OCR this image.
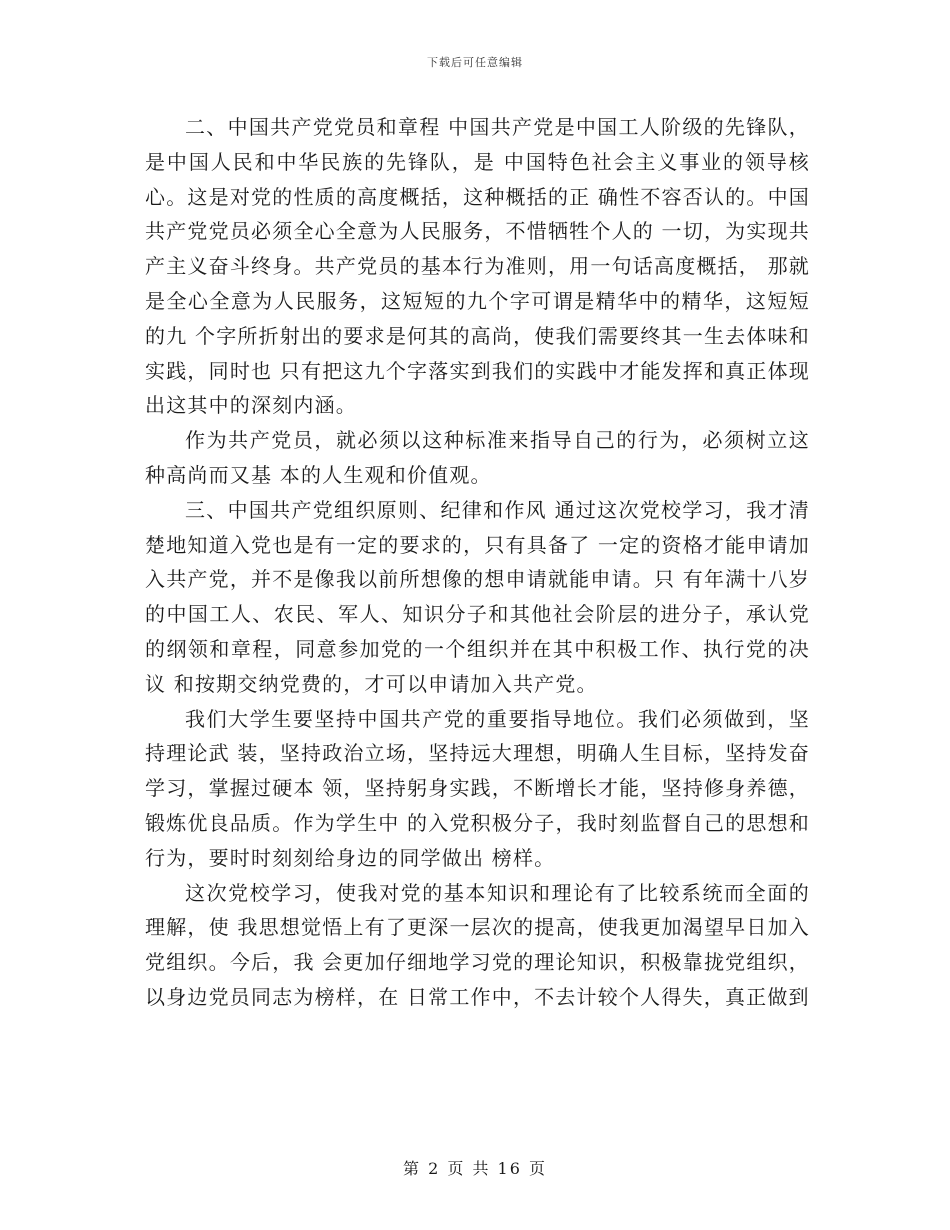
下载后可任意编辑

二、中国共产党党员和章程 中国共产党是中国工人阶级的先锋队，是中国人民和中华民族的先锋队，是 中国特色社会主义事业的领导核心。这是对党的性质的高度概括，这种概括的正 确性不容否认的。中国共产党党员必须全心全意为人民服务，不惜牺牲个人的 一切，为实现共产主义奋斗终身。共产党员的基本行为准则，用一句话高度概括， 那就是全心全意为人民服务，这短短的九个字可谓是精华中的精华，这短短的九 个字所折射出的要求是何其的高尚，使我们需要终其一生去体味和实践，同时也 只有把这九个字落实到我们的实践中才能发挥和真正体现出这其中的深刻内涵。

作为共产党员，就必须以这种标准来指导自己的行为，必须树立这种高尚而又基 本的人生观和价值观。

三、中国共产党组织原则、纪律和作风 通过这次党校学习，我才清楚地知道入党也是有一定的要求的，只有具备了 一定的资格才能申请加入共产党，并不是像我以前所想像的想申请就能申请。只 有年满十八岁的中国工人、农民、军人、知识分子和其他社会阶层的进分子，承认党的纲领和章程，同意参加党的一个组织并在其中积极工作、执行党的决议 和按期交纳党费的，才可以申请加入共产党。

我们大学生要坚持中国共产党的重要指导地位。我们必须做到，坚持理论武 装，坚持政治立场，坚持远大理想，明确人生目标，坚持发奋学习，掌握过硬本 领，坚持躬身实践，不断增长才能，坚持修身养德，锻炼优良品质。作为学生中 的入党积极分子，我时刻监督自己的思想和行为，要时时刻刻给身边的同学做出 榜样。

这次党校学习，使我对党的基本知识和理论有了比较系统而全面的理解，使 我思想觉悟上有了更深一层次的提高，使我更加渴望早日加入党组织。今后，我 会更加仔细地学习党的理论知识，积极靠拢党组织，以身边党员同志为榜样，在 日常工作中，不去计较个人得失，真正做到

第 2 页 共 16 页
